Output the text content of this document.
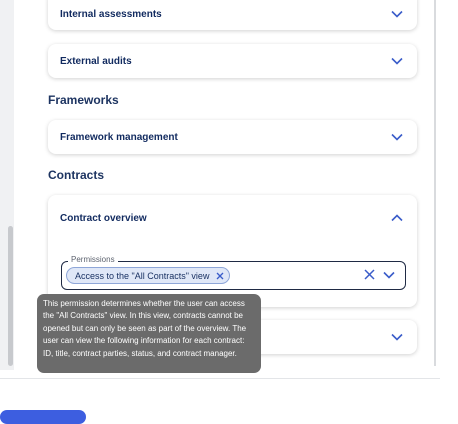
Internal assessments
External audits
Frameworks
Framework management
Contracts
Contract overview
Permissions
Access to the "All Contracts" view
This permission determines whether the user can access the "All Contracts" view. In this view, contracts cannot be opened but can only be seen as part of the overview. The user can view the following information for each contract: ID, title, contract parties, status, and contract manager.
